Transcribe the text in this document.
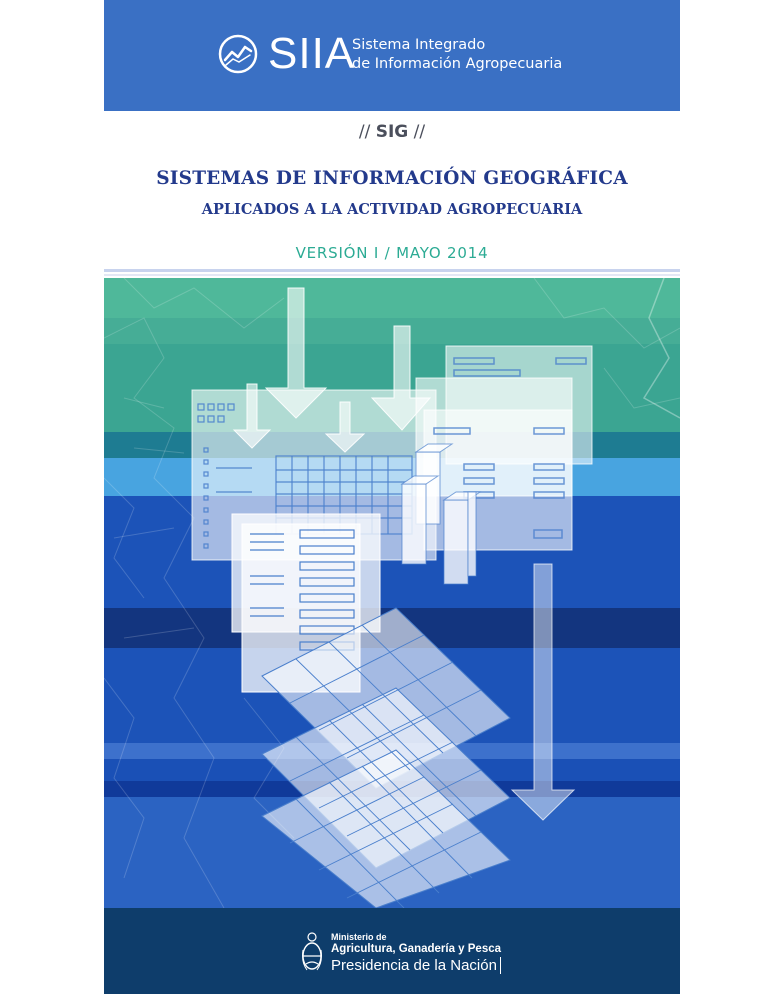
SIIA
Sistema Integrado
de Información Agropecuaria
// SIG //
SISTEMAS DE INFORMACIÓN GEOGRÁFICA
APLICADOS A LA ACTIVIDAD AGROPECUARIA
VERSIÓN I / MAYO 2014
Ministerio de
Agricultura, Ganadería y Pesca
Presidencia de la Nación
